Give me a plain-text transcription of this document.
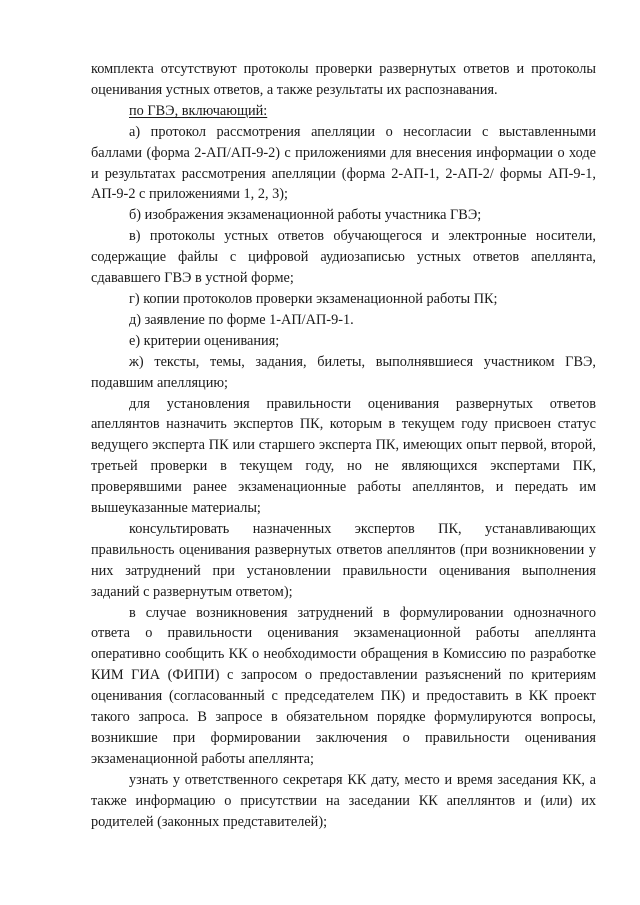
комплекта отсутствуют протоколы проверки развернутых ответов и протоколы оценивания устных ответов, а также результаты их распознавания.

по ГВЭ, включающий:

а) протокол рассмотрения апелляции о несогласии с выставленными баллами (форма 2-АП/АП-9-2) с приложениями для внесения информации о ходе и результатах рассмотрения апелляции (форма 2-АП-1, 2-АП-2/ формы АП-9-1, АП-9-2 с приложениями 1, 2, 3);

б) изображения экзаменационной работы участника ГВЭ;

в) протоколы устных ответов обучающегося и электронные носители, содержащие файлы с цифровой аудиозаписью устных ответов апеллянта, сдававшего ГВЭ в устной форме;

г) копии протоколов проверки экзаменационной работы ПК;

д) заявление по форме 1-АП/АП-9-1.

е) критерии оценивания;

ж) тексты, темы, задания, билеты, выполнявшиеся участником ГВЭ, подавшим апелляцию;

для установления правильности оценивания развернутых ответов апеллянтов назначить экспертов ПК, которым в текущем году присвоен статус ведущего эксперта ПК или старшего эксперта ПК, имеющих опыт первой, второй, третьей проверки в текущем году, но не являющихся экспертами ПК, проверявшими ранее экзаменационные работы апеллянтов, и передать им вышеуказанные материалы;

консультировать назначенных экспертов ПК, устанавливающих правильность оценивания развернутых ответов апеллянтов (при возникновении у них затруднений при установлении правильности оценивания выполнения заданий с развернутым ответом);

в случае возникновения затруднений в формулировании однозначного ответа о правильности оценивания экзаменационной работы апеллянта оперативно сообщить КК о необходимости обращения в Комиссию по разработке КИМ ГИА (ФИПИ) с запросом о предоставлении разъяснений по критериям оценивания (согласованный с председателем ПК) и предоставить в КК проект такого запроса. В запросе в обязательном порядке формулируются вопросы, возникшие при формировании заключения о правильности оценивания экзаменационной работы апеллянта;

узнать у ответственного секретаря КК дату, место и время заседания КК, а также информацию о присутствии на заседании КК апеллянтов и (или) их родителей (законных представителей);
